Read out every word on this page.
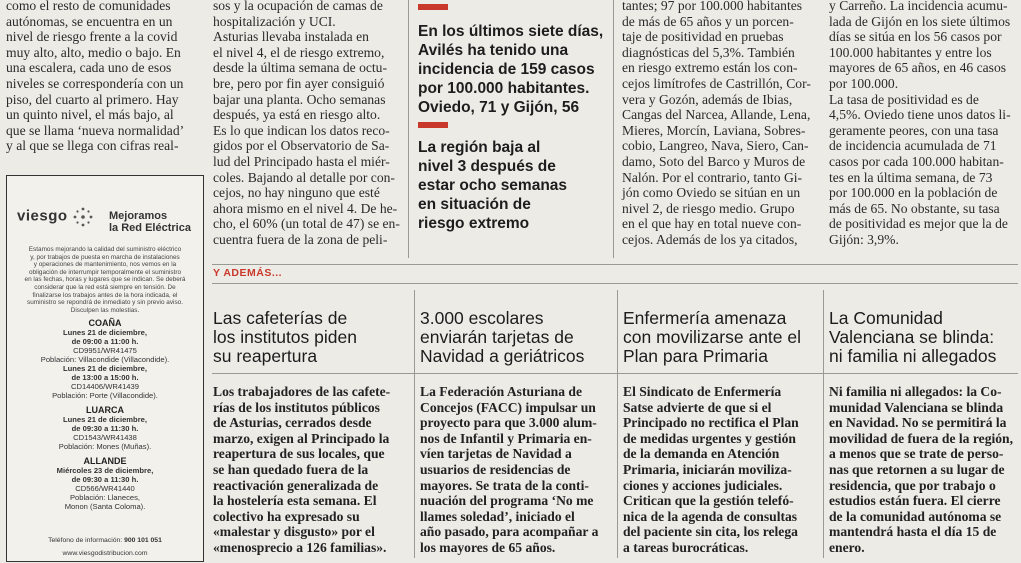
como el resto de comunidades
autónomas, se encuentra en un
nivel de riesgo frente a la covid
muy alto, alto, medio o bajo. En
una escalera, cada uno de esos
niveles se correspondería con un
piso, del cuarto al primero. Hay
un quinto nivel, el más bajo, al
que se llama ‘nueva normalidad’
y al que se llega con cifras real-
sos y la ocupación de camas de
hospitalización y UCI.
Asturias llevaba instalada en
el nivel 4, el de riesgo extremo,
desde la última semana de octu-
bre, pero por fin ayer consiguió
bajar una planta. Ocho semanas
después, ya está en riesgo alto.
Es lo que indican los datos reco-
gidos por el Observatorio de Sa-
lud del Principado hasta el miér-
coles. Bajando al detalle por con-
cejos, no hay ninguno que esté
ahora mismo en el nivel 4. De he-
cho, el 60% (un total de 47) se en-
cuentra fuera de la zona de peli-
En los últimos siete días,
Avilés ha tenido una
incidencia de 159 casos
por 100.000 habitantes.
Oviedo, 71 y Gijón, 56
La región baja al
nivel 3 después de
estar ocho semanas
en situación de
riesgo extremo
tantes; 97 por 100.000 habitantes
de más de 65 años y un porcen-
taje de positividad en pruebas
diagnósticas del 5,3%. También
en riesgo extremo están los con-
cejos limítrofes de Castrillón, Cor-
vera y Gozón, además de Ibias,
Cangas del Narcea, Allande, Lena,
Mieres, Morcín, Laviana, Sobres-
cobio, Langreo, Nava, Siero, Can-
damo, Soto del Barco y Muros de
Nalón. Por el contrario, tanto Gi-
jón como Oviedo se sitúan en un
nivel 2, de riesgo medio. Grupo
en el que hay en total nueve con-
cejos. Además de los ya citados,
y Carreño. La incidencia acumu-
lada de Gijón en los siete últimos
días se sitúa en los 56 casos por
100.000 habitantes y entre los
mayores de 65 años, en 46 casos
por 100.000.
La tasa de positividad es de
4,5%. Oviedo tiene unos datos li-
geramente peores, con una tasa
de incidencia acumulada de 71
casos por cada 100.000 habitan-
tes en la última semana, de 73
por 100.000 en la población de
más de 65. No obstante, su tasa
de positividad es mejor que la de
Gijón: 3,9%.
viesgo	Mejoramos
la Red Eléctrica
Estamos mejorando la calidad del suministro eléctrico
y, por trabajos de puesta en marcha de instalaciones
y operaciones de mantenimiento, nos vemos en la
obligación de interrumpir temporalmente el suministro
en las fechas, horas y lugares que se indican. Se deberá
considerar que la red está siempre en tensión. De
finalizarse los trabajos antes de la hora indicada, el
suministro se repondrá de inmediato y sin previo aviso.
Disculpen las molestias.
COAÑA
Lunes 21 de diciembre,
de 09:00 a 11:00 h.
CD9951/WR41475
Población: Villacondide (Villacondide).
Lunes 21 de diciembre,
de 13:00 a 15:00 h.
CD14406/WR41439
Población: Porte (Villacondide).
LUARCA
Lunes 21 de diciembre,
de 09:30 a 11:30 h.
CD1543/WR41438
Población: Mones (Muñas).
ALLANDE
Miércoles 23 de diciembre,
de 09:30 a 11:30 h.
CD566/WR41440
Población: Llaneces,
Monon (Santa Coloma).
Teléfono de información: 900 101 051
www.viesgodistribucion.com
Y ADEMÁS...
Las cafeterías de
los institutos piden
su reapertura
3.000 escolares
enviarán tarjetas de
Navidad a geriátricos
Enfermería amenaza
con movilizarse ante el
Plan para Primaria
La Comunidad
Valenciana se blinda:
ni familia ni allegados
Los trabajadores de las cafete-
rías de los institutos públicos
de Asturias, cerrados desde
marzo, exigen al Principado la
reapertura de sus locales, que
se han quedado fuera de la
reactivación generalizada de
la hostelería esta semana. El
colectivo ha expresado su
«malestar y disgusto» por el
«menosprecio a 126 familias».
La Federación Asturiana de
Concejos (FACC) impulsar un
proyecto para que 3.000 alum-
nos de Infantil y Primaria en-
víen tarjetas de Navidad a
usuarios de residencias de
mayores. Se trata de la conti-
nuación del programa ‘No me
llames soledad’, iniciado el
año pasado, para acompañar a
los mayores de 65 años.
El Sindicato de Enfermería
Satse advierte de que si el
Principado no rectifica el Plan
de medidas urgentes y gestión
de la demanda en Atención
Primaria, iniciarán moviliza-
ciones y acciones judiciales.
Critican que la gestión telefó-
nica de la agenda de consultas
del paciente sin cita, los relega
a tareas burocráticas.
Ni familia ni allegados: la Co-
munidad Valenciana se blinda
en Navidad. No se permitirá la
movilidad de fuera de la región,
a menos que se trate de perso-
nas que retornen a su lugar de
residencia, que por trabajo o
estudios están fuera. El cierre
de la comunidad autónoma se
mantendrá hasta el día 15 de
enero.
